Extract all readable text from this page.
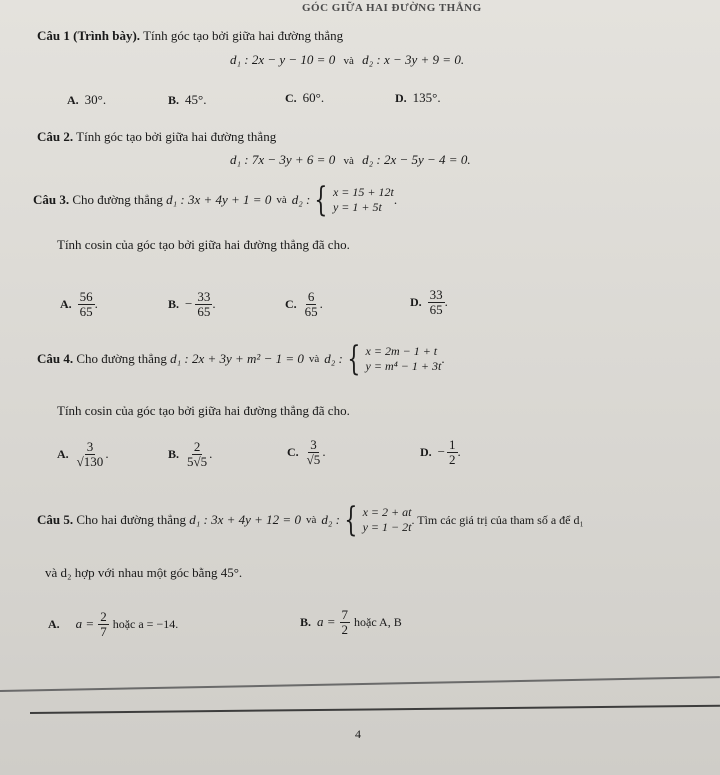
GÓC GIỮA HAI ĐƯỜNG THẲNG
Câu 1 (Trình bày). Tính góc tạo bởi giữa hai đường thẳng
d₁ : 2x − y − 10 = 0 và d₂ : x − 3y + 9 = 0.
A. 30°.	B. 45°.	C. 60°.	D. 135°.
Câu 2. Tính góc tạo bởi giữa hai đường thẳng
d₁ : 7x − 3y + 6 = 0 và d₂ : 2x − 5y − 4 = 0.
Câu 3.
Cho đường thẳng
d₁ : 3x + 4y + 1 = 0 và d₂ : { x = 15 + 12t
y = 1 + 5t .
Tính cosin của góc tạo bởi giữa hai đường thẳng đã cho.
A. $\frac{56}{65}$ .	B. − $\frac{33}{65}$ .	C. $\frac{6}{65}$ .	D. $\frac{33}{65}$ .
Câu 4.
Cho đường thẳng
d₁ : 2x + 3y + m² − 1 = 0 và d₂ : { x = 2m − 1 + t
y = m⁴ − 1 + 3t .
Tính cosin của góc tạo bởi giữa hai đường thẳng đã cho.
A. $\frac{3}{√130}$ .	B. $\frac{2}{5√5}$ .	C. $\frac{3}{√5}$ .	D. − $\frac{1}{2}$ .
Câu 5.
Cho hai đường thẳng
d₁ : 3x + 4y + 12 = 0 và d₂ : { x = 2 + at
y = 1 − 2t
. Tìm các giá trị của tham số a để d₁
và d₂ hợp với nhau một góc bằng 45°.
A. $a = \frac{2}{7}$ hoặc a = −14.	B. $a = \frac{7}{2}$ hoặc A, B
4
